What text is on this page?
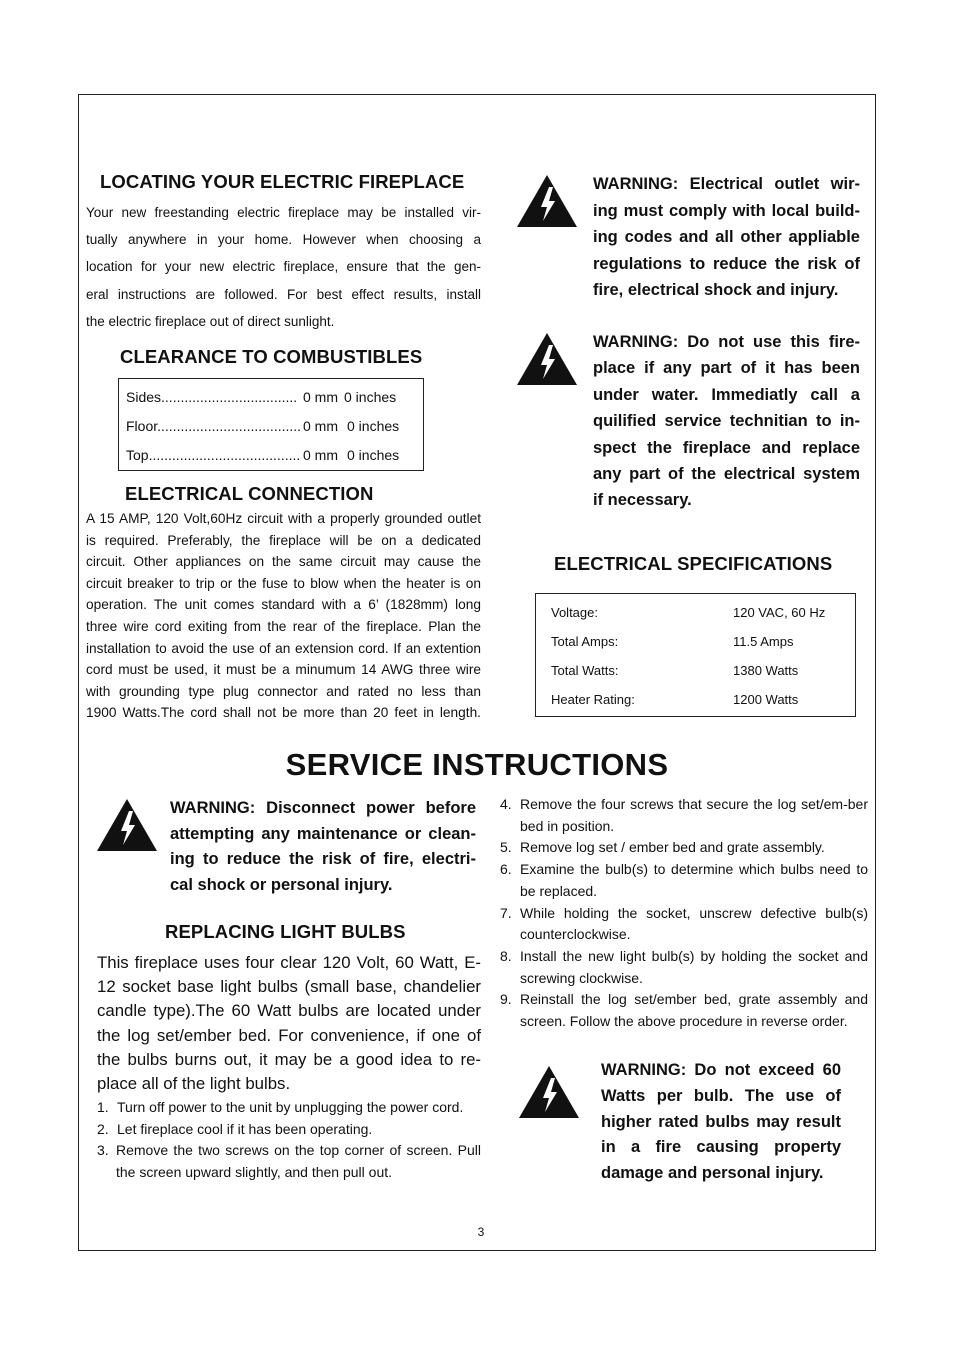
LOCATING YOUR ELECTRIC FIREPLACE
Your new freestanding electric fireplace may be installed vir-
tually anywhere in your home. However when choosing a
location for your new electric fireplace, ensure that the gen-
eral instructions are followed. For best effect results, install
the electric fireplace out of direct sunlight.
CLEARANCE TO COMBUSTIBLES
Sides................................... 0 mm 0 inches
Floor..................................... 0 mm 0 inches
Top....................................... 0 mm 0 inches
ELECTRICAL CONNECTION
A 15 AMP, 120 Volt,60Hz circuit with a properly grounded outlet
is required. Preferably, the fireplace will be on a dedicated
circuit. Other appliances on the same circuit may cause the
circuit breaker to trip or the fuse to blow when the heater is on
operation. The unit comes standard with a 6’ (1828mm) long
three wire cord exiting from the rear of the fireplace. Plan the
installation to avoid the use of an extension cord. If an extention
cord must be used, it must be a minumum 14 AWG three wire
with grounding type plug connector and rated no less than
1900 Watts.The cord shall not be more than 20 feet in length.
WARNING: Electrical outlet wir-
ing must comply with local build-
ing codes and all other appliable
regulations to reduce the risk of
fire, electrical shock and injury.
WARNING: Do not use this fire-
place if any part of it has been
under water. Immediatly call a
quilified service technitian to in-
spect the fireplace and replace
any part of the electrical system
if necessary.
ELECTRICAL SPECIFICATIONS
Voltage:	120 VAC, 60 Hz
Total Amps:	11.5 Amps
Total Watts:	1380 Watts
Heater Rating:	1200 Watts
SERVICE INSTRUCTIONS
WARNING: Disconnect power before
attempting any maintenance or clean-
ing to reduce the risk of fire, electri-
cal shock or personal injury.
REPLACING LIGHT BULBS
This fireplace uses four clear 120 Volt, 60 Watt, E-
12 socket base light bulbs (small base, chandelier
candle type).The 60 Watt bulbs are located under
the log set/ember bed. For convenience, if one of
the bulbs burns out, it may be a good idea to re-
place all of the light bulbs.
1. Turn off power to the unit by unplugging the power cord.
2. Let fireplace cool if it has been operating.
3. Remove the two screws on the top corner of screen. Pull the screen upward slightly, and then pull out.
4. Remove the four screws that secure the log set/em-ber bed in position.
5. Remove log set / ember bed and grate assembly.
6. Examine the bulb(s) to determine which bulbs need to be replaced.
7. While holding the socket, unscrew defective bulb(s) counterclockwise.
8. Install the new light bulb(s) by holding the socket and screwing clockwise.
9. Reinstall the log set/ember bed, grate assembly and screen. Follow the above procedure in reverse order.
WARNING: Do not exceed 60
Watts per bulb. The use of
higher rated bulbs may result
in a fire causing property
damage and personal injury.
3
